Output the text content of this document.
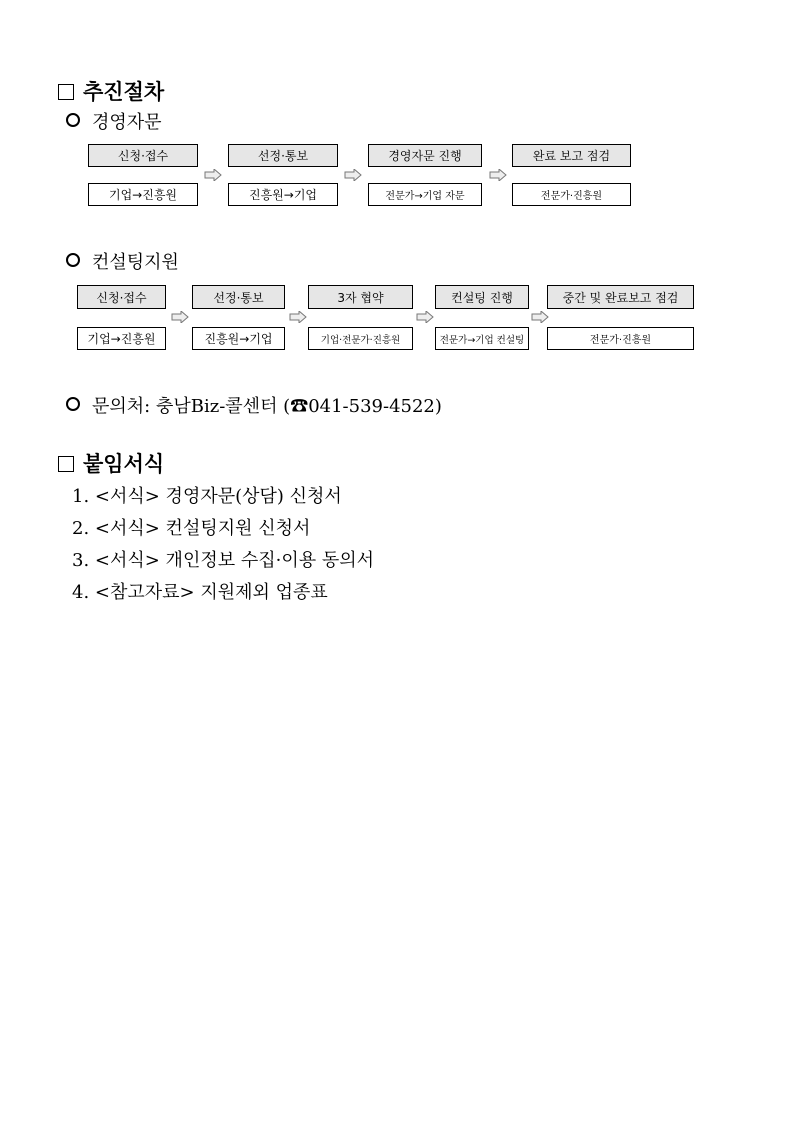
추진절차
경영자문
신청·접수	선정·통보	경영자문 진행	완료 보고 점검
기업→진흥원	진흥원→기업	전문가→기업 자문	전문가·진흥원
컨설팅지원
신청·접수	선정·통보	3자 협약	컨설팅 진행	중간 및 완료보고 점검
기업→진흥원	진흥원→기업	기업·전문가·진흥원	전문가→기업 컨설팅	전문가·진흥원
문의처: 충남Biz-콜센터 (☎041-539-4522)
붙임서식
1. <서식> 경영자문(상담) 신청서
2. <서식> 컨설팅지원 신청서
3. <서식> 개인정보 수집·이용 동의서
4. <참고자료> 지원제외 업종표
